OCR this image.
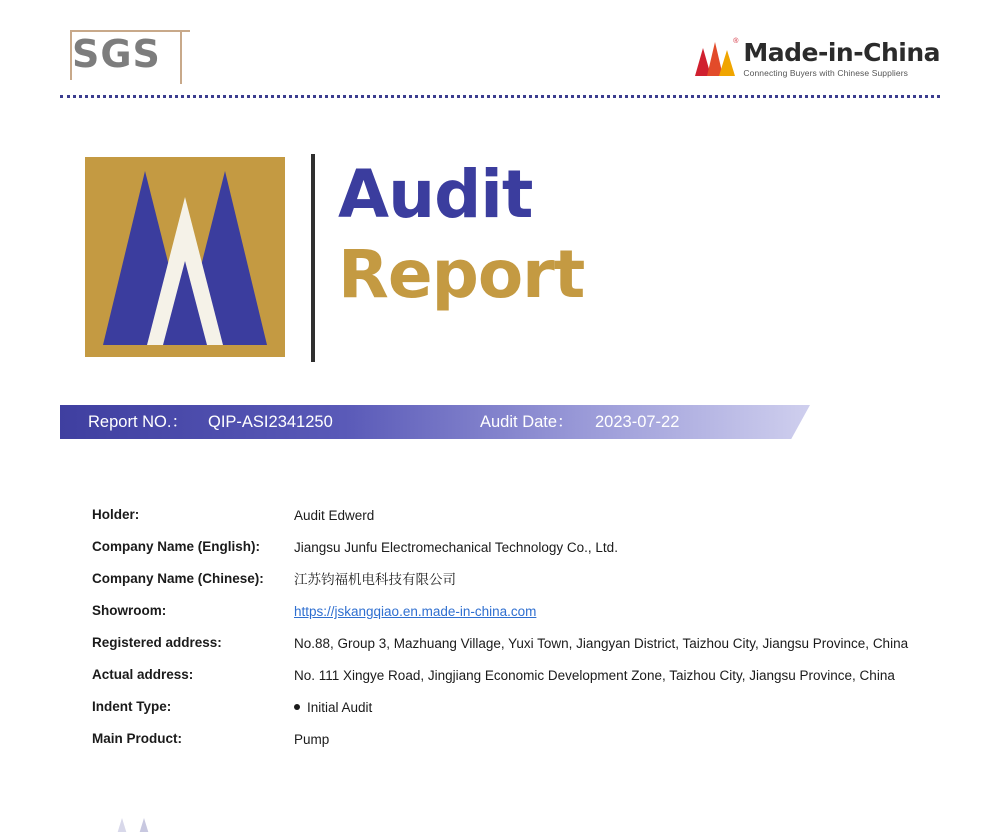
SGS	® Made-in-China
Connecting Buyers with Chinese Suppliers
Audit
Report
Report NO.： QIP-ASI2341250	Audit Date： 2023-07-22
Holder:	Audit Edwerd
Company Name (English):	Jiangsu Junfu Electromechanical Technology Co., Ltd.
Company Name (Chinese):	江苏钧福机电科技有限公司
Showroom:	https://jskangqiao.en.made-in-china.com
Registered address:	No.88, Group 3, Mazhuang Village, Yuxi Town, Jiangyan District, Taizhou City, Jiangsu Province, China
Actual address:	No. 111 Xingye Road, Jingjiang Economic Development Zone, Taizhou City, Jiangsu Province, China
Indent Type:	Initial Audit
Main Product:	Pump
